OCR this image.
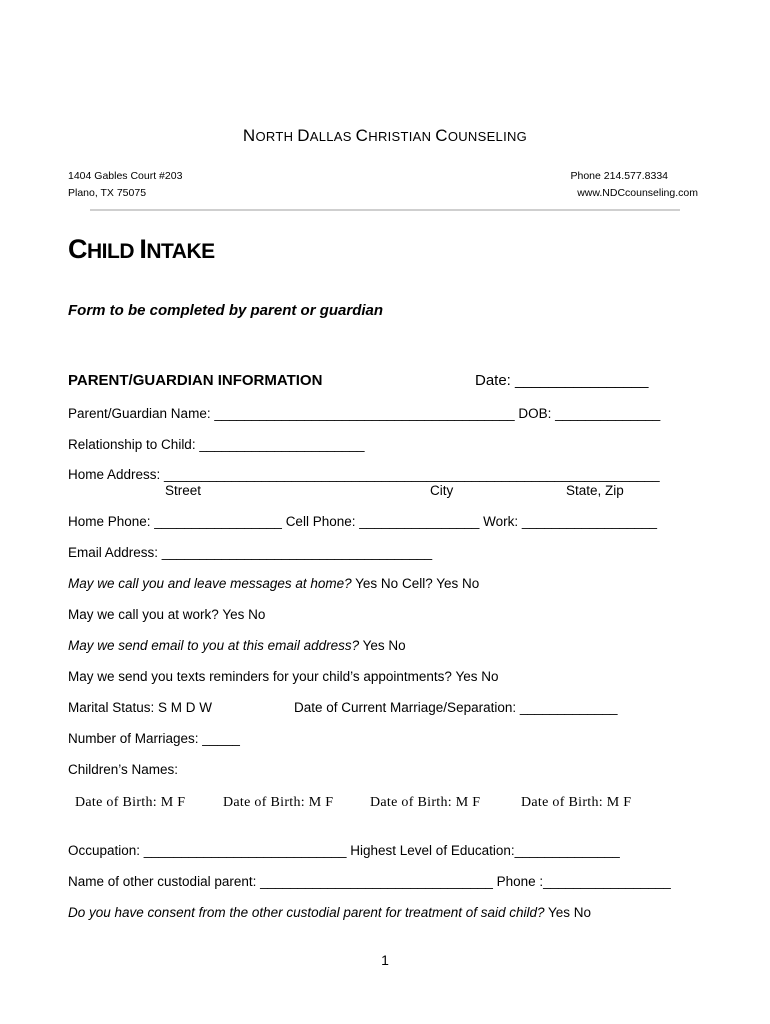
NORTH DALLAS CHRISTIAN COUNSELING
1404 Gables Court #203
Plano, TX 75075
Phone 214.577.8334
www.NDCcounseling.com
CHILD INTAKE
Form to be completed by parent or guardian
PARENT/GUARDIAN INFORMATION	Date: ________________
Parent/Guardian Name: ________________________________________ DOB: ______________
Relationship to Child: ______________________
Home Address: __________________________________________________________________
Street	City	State, Zip
Home Phone: _________________ Cell Phone: ________________ Work: __________________
Email Address: ____________________________________
May we call you and leave messages at home? Yes No Cell? Yes No
May we call you at work? Yes No
May we send email to you at this email address? Yes No
May we send you texts reminders for your child’s appointments? Yes No
Marital Status: S M D W	Date of Current Marriage/Separation: _____________
Number of Marriages: _____
Children’s Names:
Date of Birth: M F	Date of Birth: M F	Date of Birth: M F	Date of Birth: M F
Occupation: ___________________________ Highest Level of Education:______________
Name of other custodial parent: _______________________________ Phone :_________________
Do you have consent from the other custodial parent for treatment of said child? Yes No
1
